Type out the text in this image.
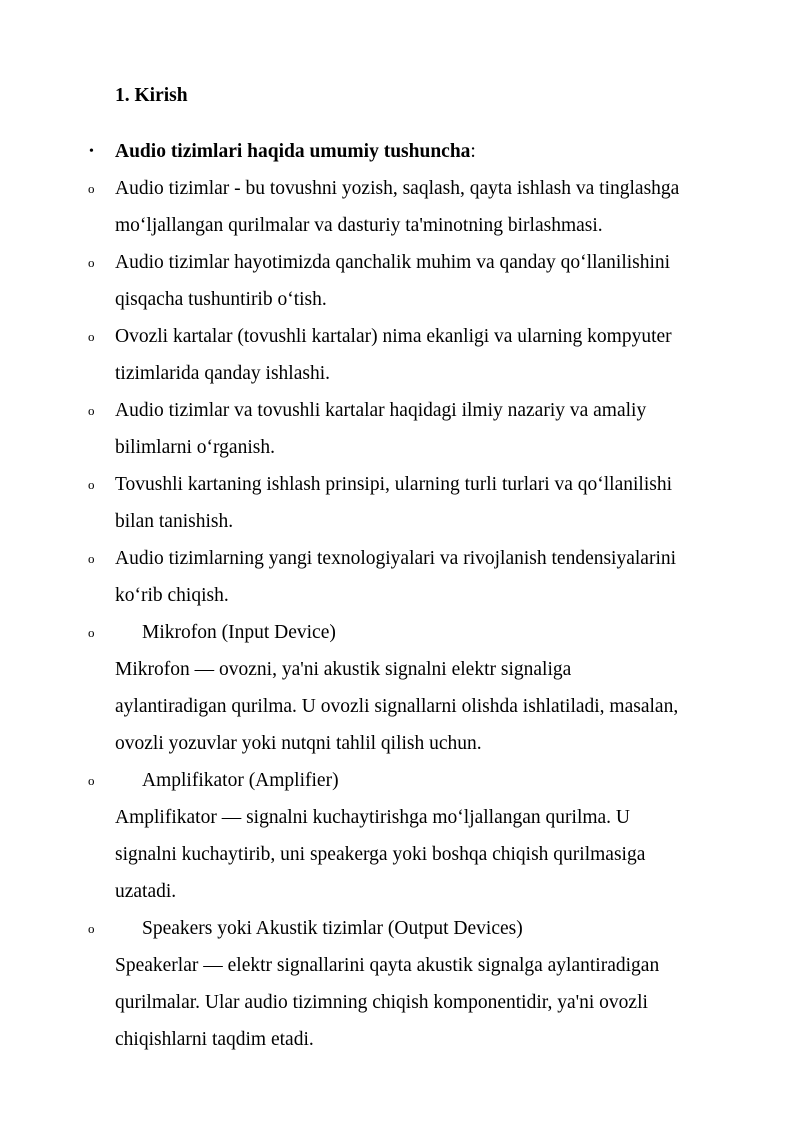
1. Kirish
• Audio tizimlari haqida umumiy tushuncha:
o Audio tizimlar - bu tovushni yozish, saqlash, qayta ishlash va tinglashga
mo‘ljallangan qurilmalar va dasturiy ta'minotning birlashmasi.
o Audio tizimlar hayotimizda qanchalik muhim va qanday qo‘llanilishini
qisqacha tushuntirib o‘tish.
o Ovozli kartalar (tovushli kartalar) nima ekanligi va ularning kompyuter
tizimlarida qanday ishlashi.
o Audio tizimlar va tovushli kartalar haqidagi ilmiy nazariy va amaliy
bilimlarni o‘rganish.
o Tovushli kartaning ishlash prinsipi, ularning turli turlari va qo‘llanilishi
bilan tanishish.
o Audio tizimlarning yangi texnologiyalari va rivojlanish tendensiyalarini
ko‘rib chiqish.
o Mikrofon (Input Device)
Mikrofon — ovozni, ya'ni akustik signalni elektr signaliga
aylantiradigan qurilma. U ovozli signallarni olishda ishlatiladi, masalan,
ovozli yozuvlar yoki nutqni tahlil qilish uchun.
o Amplifikator (Amplifier)
Amplifikator — signalni kuchaytirishga mo‘ljallangan qurilma. U
signalni kuchaytirib, uni speakerga yoki boshqa chiqish qurilmasiga
uzatadi.
o Speakers yoki Akustik tizimlar (Output Devices)
Speakerlar — elektr signallarini qayta akustik signalga aylantiradigan
qurilmalar. Ular audio tizimning chiqish komponentidir, ya'ni ovozli
chiqishlarni taqdim etadi.
